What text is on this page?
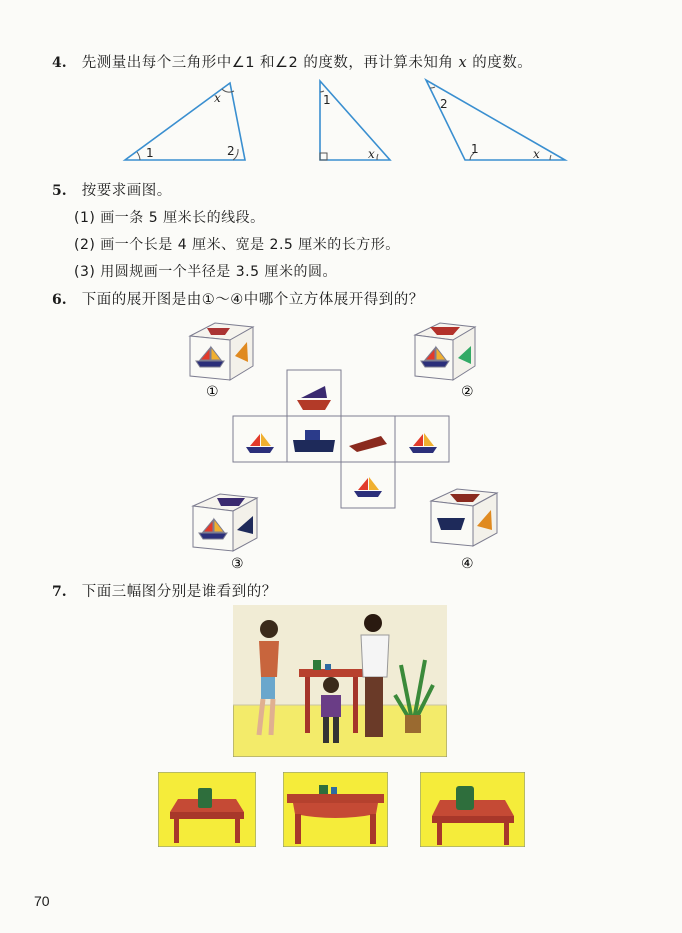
4. 先测量出每个三角形中∠1 和∠2 的度数，再计算未知角 x 的度数。
x
1	2
1
x
2
1	x
5. 按要求画图。
(1) 画一条 5 厘米长的线段。
(2) 画一个长是 4 厘米、宽是 2.5 厘米的长方形。
(3) 用圆规画一个半径是 3.5 厘米的圆。
6. 下面的展开图是由①～④中哪个立方体展开得到的？
①	②
③	④
7. 下面三幅图分别是谁看到的？
70
